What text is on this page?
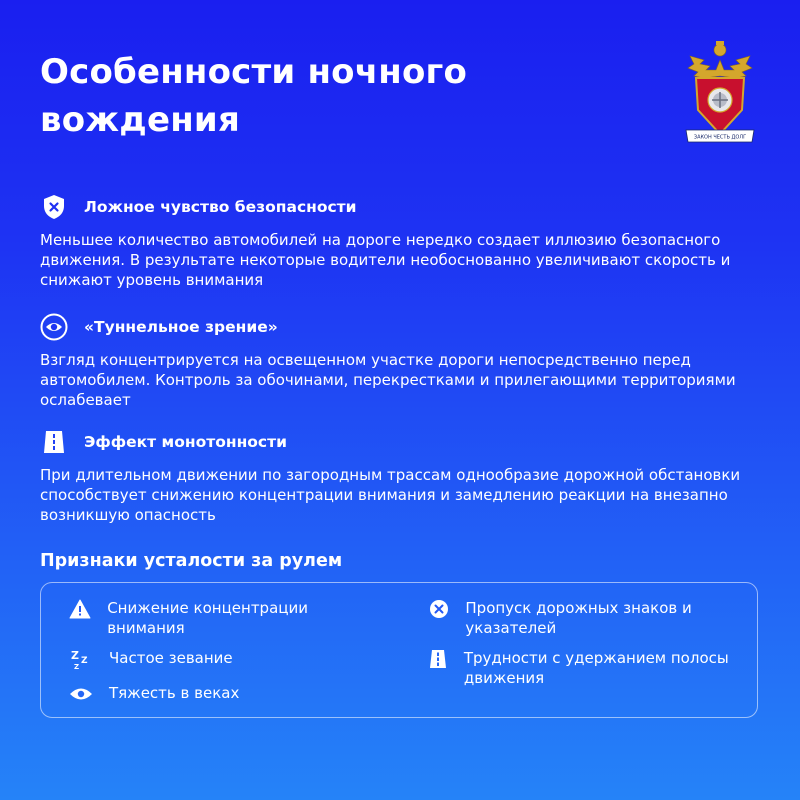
Особенности ночного вождения	ЗАКОН ЧЕСТЬ ДОЛГ
Ложное чувство безопасности
Меньшее количество автомобилей на дороге нередко создает иллюзию безопасного движения. В результате некоторые водители необоснованно увеличивают скорость и снижают уровень внимания
«Туннельное зрение»
Взгляд концентрируется на освещенном участке дороги непосредственно перед автомобилем. Контроль за обочинами, перекрестками и прилегающими территориями ослабевает
Эффект монотонности
При длительном движении по загородным трассам однообразие дорожной обстановки способствует снижению концентрации внимания и замедлению реакции на внезапно возникшую опасность
Признаки усталости за рулем
Снижение концентрации внимания
Z Z
Z Частое зевание
Тяжесть в веках
Пропуск дорожных знаков и указателей
Трудности с удержанием полосы движения
